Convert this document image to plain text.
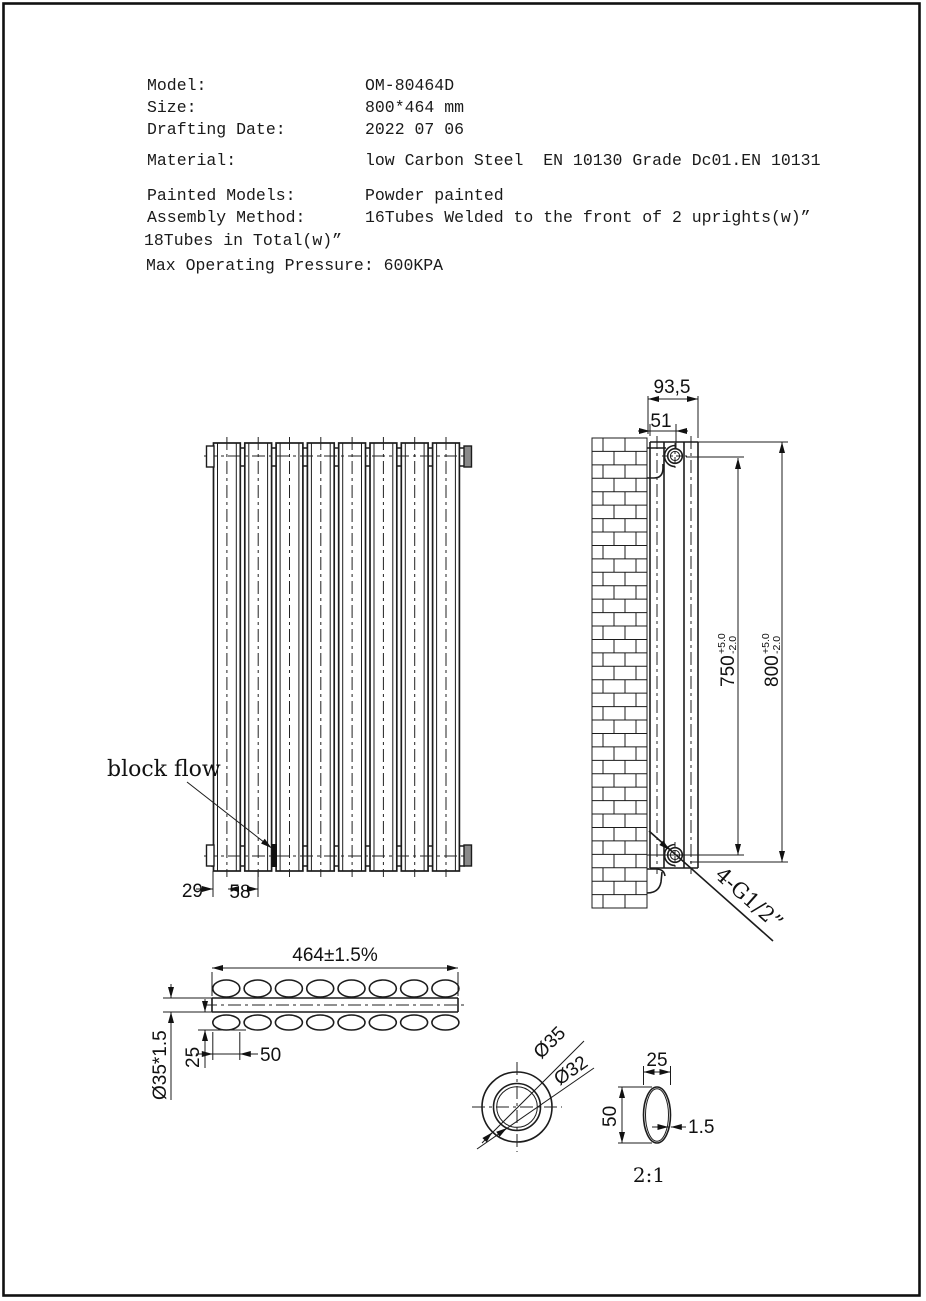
Model:	OM-80464D
Size:	800*464 mm
Drafting Date:	2022 07 06
Material:	low Carbon Steel  EN 10130 Grade Dc01.EN 10131
Painted Models:	Powder painted
Assembly Method:	16Tubes Welded to the front of 2 uprights(w)”
18Tubes in Total(w)”
Max Operating Pressure: 600KPA
block flow
29 58
93,5
51
750
+5.0 -2.0
800
+5.0 -2.0
4-G1/2”
464±1.5%
Ø35*1.5 25	50	Ø35
Ø32	25
50
1.5
2:1
